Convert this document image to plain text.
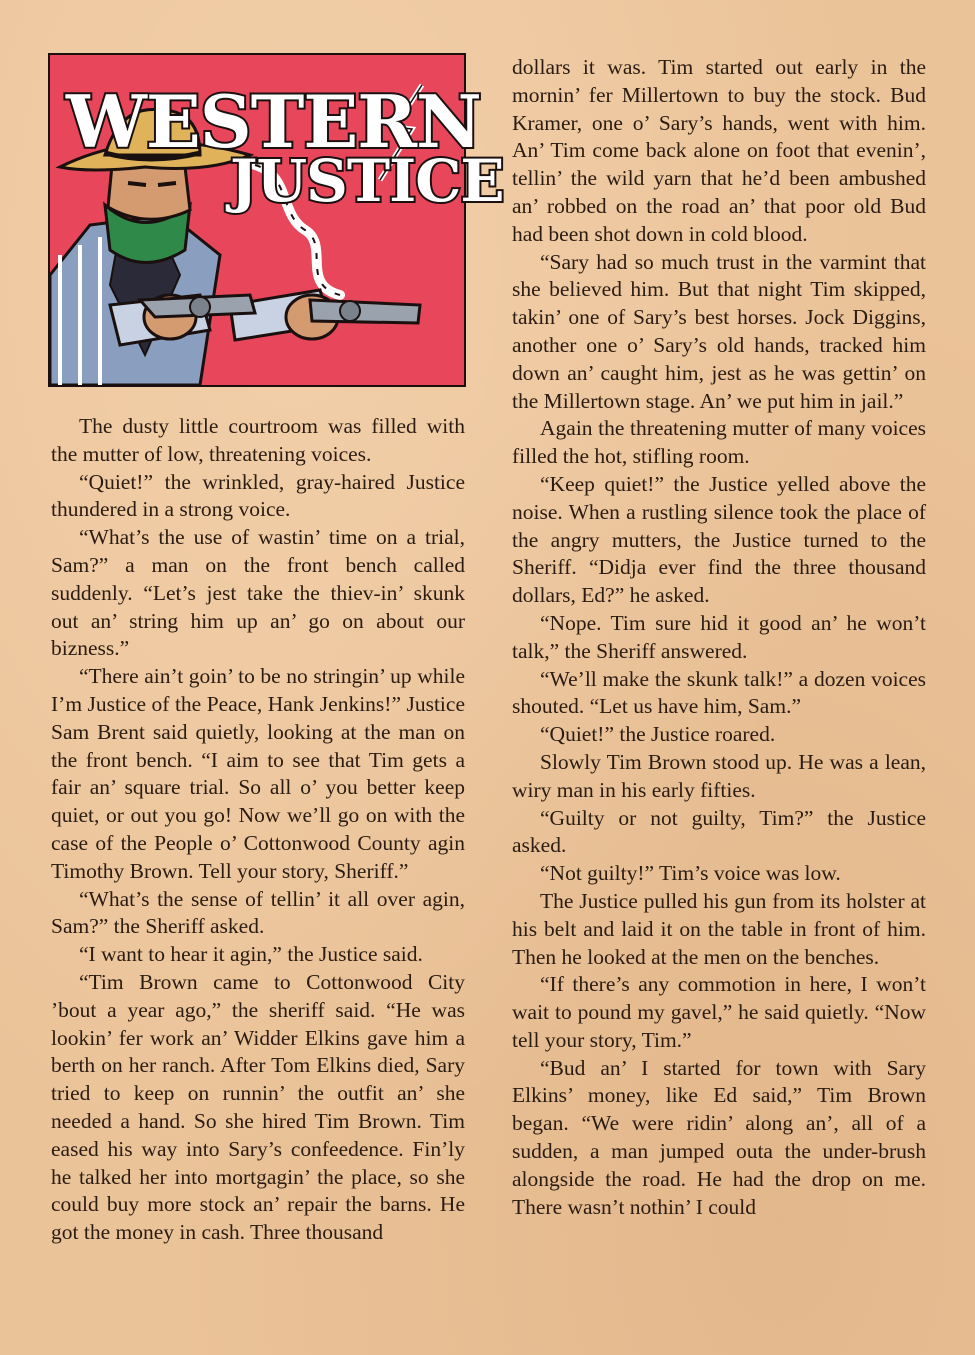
WESTERN
JUSTICE

The dusty little courtroom was filled with the mutter of low, threatening voices.

“Quiet!” the wrinkled, gray-haired Justice thundered in a strong voice.

“What’s the use of wastin’ time on a trial, Sam?” a man on the front bench called suddenly. “Let’s jest take the thiev-in’ skunk out an’ string him up an’ go on about our bizness.”

“There ain’t goin’ to be no stringin’ up while I’m Justice of the Peace, Hank Jenkins!” Justice Sam Brent said quietly, looking at the man on the front bench. “I aim to see that Tim gets a fair an’ square trial. So all o’ you better keep quiet, or out you go! Now we’ll go on with the case of the People o’ Cottonwood County agin Timothy Brown. Tell your story, Sheriff.”

“What’s the sense of tellin’ it all over agin, Sam?” the Sheriff asked.

“I want to hear it agin,” the Justice said.

“Tim Brown came to Cottonwood City ’bout a year ago,” the sheriff said. “He was lookin’ fer work an’ Widder Elkins gave him a berth on her ranch. After Tom Elkins died, Sary tried to keep on runnin’ the outfit an’ she needed a hand. So she hired Tim Brown. Tim eased his way into Sary’s confeedence. Fin’ly he talked her into mortgagin’ the place, so she could buy more stock an’ repair the barns. He got the money in cash. Three thousand

dollars it was. Tim started out early in the mornin’ fer Millertown to buy the stock. Bud Kramer, one o’ Sary’s hands, went with him. An’ Tim come back alone on foot that evenin’, tellin’ the wild yarn that he’d been ambushed an’ robbed on the road an’ that poor old Bud had been shot down in cold blood.

“Sary had so much trust in the varmint that she believed him. But that night Tim skipped, takin’ one of Sary’s best horses. Jock Diggins, another one o’ Sary’s old hands, tracked him down an’ caught him, jest as he was gettin’ on the Millertown stage. An’ we put him in jail.”

Again the threatening mutter of many voices filled the hot, stifling room.

“Keep quiet!” the Justice yelled above the noise. When a rustling silence took the place of the angry mutters, the Justice turned to the Sheriff. “Didja ever find the three thousand dollars, Ed?” he asked.

“Nope. Tim sure hid it good an’ he won’t talk,” the Sheriff answered.

“We’ll make the skunk talk!” a dozen voices shouted. “Let us have him, Sam.”

“Quiet!” the Justice roared.

Slowly Tim Brown stood up. He was a lean, wiry man in his early fifties.

“Guilty or not guilty, Tim?” the Justice asked.

“Not guilty!” Tim’s voice was low.

The Justice pulled his gun from its holster at his belt and laid it on the table in front of him. Then he looked at the men on the benches.

“If there’s any commotion in here, I won’t wait to pound my gavel,” he said quietly. “Now tell your story, Tim.”

“Bud an’ I started for town with Sary Elkins’ money, like Ed said,” Tim Brown began. “We were ridin’ along an’, all of a sudden, a man jumped outa the under-brush alongside the road. He had the drop on me. There wasn’t nothin’ I could
